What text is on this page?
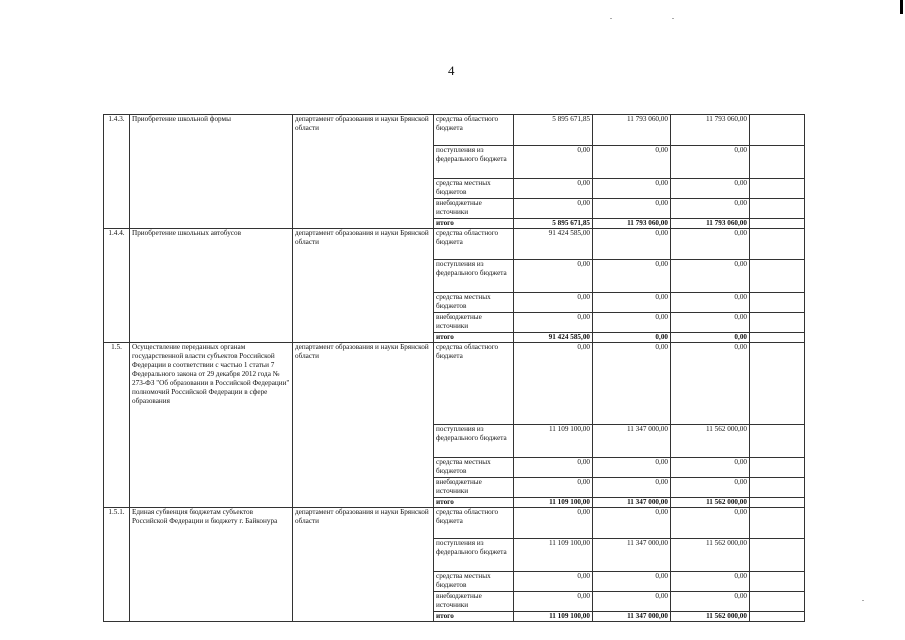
4
1.4.3.	Приобретение школьной формы	департамент образования и науки Брянской области	средства областного бюджета	5 895 671,85	11 793 060,00	11 793 060,00	
			поступления из федерального бюджета	0,00	0,00	0,00	
			средства местных бюджетов	0,00	0,00	0,00	
			внебюджетные источники	0,00	0,00	0,00	
			итого	5 895 671,85	11 793 060,00	11 793 060,00	
1.4.4.	Приобретение школьных автобусов	департамент образования и науки Брянской области	средства областного бюджета	91 424 585,00	0,00	0,00	
			поступления из федерального бюджета	0,00	0,00	0,00	
			средства местных бюджетов	0,00	0,00	0,00	
			внебюджетные источники	0,00	0,00	0,00	
			итого	91 424 585,00	0,00	0,00	
1.5.	Осуществление переданных органам государственной власти субъектов Российской Федерации в соответствии с частью 1 статьи 7 Федерального закона от 29 декабря 2012 года № 273-ФЗ "Об образовании в Российской Федерации" полномочий Российской Федерации в сфере образования	департамент образования и науки Брянской области	средства областного бюджета	0,00	0,00	0,00	
			поступления из федерального бюджета	11 109 100,00	11 347 000,00	11 562 000,00	
			средства местных бюджетов	0,00	0,00	0,00	
			внебюджетные источники	0,00	0,00	0,00	
			итого	11 109 100,00	11 347 000,00	11 562 000,00	
1.5.1.	Единая субвенция бюджетам субъектов Российской Федерации и бюджету г. Байконура	департамент образования и науки Брянской области	средства областного бюджета	0,00	0,00	0,00	
			поступления из федерального бюджета	11 109 100,00	11 347 000,00	11 562 000,00	
			средства местных бюджетов	0,00	0,00	0,00	
			внебюджетные источники	0,00	0,00	0,00	
			итого	11 109 100,00	11 347 000,00	11 562 000,00	
